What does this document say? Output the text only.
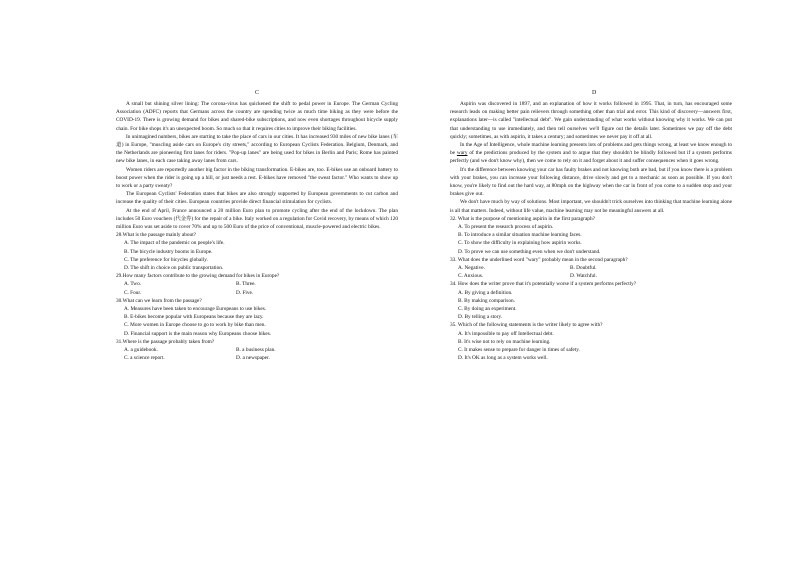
C	D

A small but shining silver lining: The corona-virus has quickened the shift to pedal power in Europe. The German Cycling Association (ADFC) reports that Germans across the country are spending twice as much time biking as they were before the COVID-19. There is growing demand for bikes and shared-bike subscriptions, and now even shortages throughout bicycle supply chain. For bike shops it's an unexpected boom. So much so that it requires cities to improve their biking facilities.

In unimagined numbers, bikes are starting to take the place of cars in our cities. It has increased 930 miles of new bike lanes (车道) in Europe, "muscling aside cars on Europe's city streets," according to European Cyclists Federation. Belgium, Denmark, and the Netherlands are pioneering first lanes for riders. "Pop-up lanes" are being used for bikes in Berlin and Paris; Rome has painted new bike lanes, in each case taking away lanes from cars.

Women riders are reportedly another big factor in the biking transformation. E-bikes are, too. E-bikes use an onboard battery to boost power when the rider is going up a hill, or just needs a rest. E-bikes have removed "the sweat factor." Who wants to show up to work or a party sweaty?

The European Cyclists' Federation states that bikes are also strongly supported by European governments to cut carbon and increase the quality of their cities. European countries provide direct financial stimulation for cyclists.

At the end of April, France announced a 20 million Euro plan to promote cycling after the end of the lockdown. The plan includes 50 Euro vouchers (代金券) for the repair of a bike. Italy worked on a regulation for Covid recovery, by means of which 120 million Euro was set aside to cover 70% and up to 500 Euro of the price of conventional, muscle-powered and electric bikes.

28.What is the passage mainly about?

A. The impact of the pandemic on people's life.

B. The bicycle industry booms in Europe.

C. The preference for bicycles globally.

D. The shift in choice on public transportation.

29.How many factors contribute to the growing demand for bikes in Europe?

A. Two.	B. Three.
C. Four.	D. Five.

30.What can we learn from the passage?

A. Measures have been taken to encourage Europeans to use bikes.

B. E-bikes become popular with Europeans because they are lazy.

C. More women in Europe choose to go to work by bike than men.

D. Financial support is the main reason why Europeans choose bikes.

31.Where is the passage probably taken from?

A. a guidebook.	B. a business plan.
C. a science report.	D. a newspaper.

Aspirin was discovered in 1897, and an explanation of how it works followed in 1995. That, in turn, has encouraged some research leads on making better pain relievers through something other than trial and error. This kind of discovery—answers first, explanations later—is called "intellectual debt". We gain understanding of what works without knowing why it works. We can put that understanding to use immediately, and then tell ourselves we'll figure out the details later. Sometimes we pay off the debt quickly; sometimes, as with aspirin, it takes a century; and sometimes we never pay it off at all.

In the Age of Intelligence, whole machine learning presents lots of problems and gets things wrong, at least we know enough to be wary of the predictions produced by the system and to argue that they shouldn't be blindly followed but if a system performs perfectly (and we don't know why), then we come to rely on it and forget about it and suffer consequences when it goes wrong.

It's the difference between knowing your car has faulty brakes and not knowing both are bad, but if you know there is a problem with your brakes, you can increase your following distance, drive slowly and get to a mechanic as soon as possible. If you don't know, you're likely to find out the hard way, at 80mph on the highway when the car in front of you come to a sudden stop and your brakes give out.

We don't have much by way of solutions. Most important, we shouldn't trick ourselves into thinking that machine learning alone is all that matters. Indeed, without life value, machine learning may not be meaningful answers at all.

32. What is the purpose of mentioning aspirin in the first paragraph?

A. To present the research process of aspirin.

B. To introduce a similar situation machine learning faces.

C. To show the difficulty in explaining how aspirin works.

D. To prove we can use something even when we don't understand.

33. What does the underlined word "wary" probably mean in the second paragraph?

A. Negative.	B. Doubtful.
C. Anxious.	D. Watchful.

34. How does the writer prove that it's potentially worse if a system performs perfectly?

A. By giving a definition.

B. By making comparison.

C. By doing an experiment.

D. By telling a story.

35. Which of the following statements is the writer likely to agree with?

A. It's impossible to pay off Intellectual debt.

B. It's wise not to rely on machine learning.

C. It makes sense to prepare for danger in times of safety.

D. It's OK as long as a system works well.
